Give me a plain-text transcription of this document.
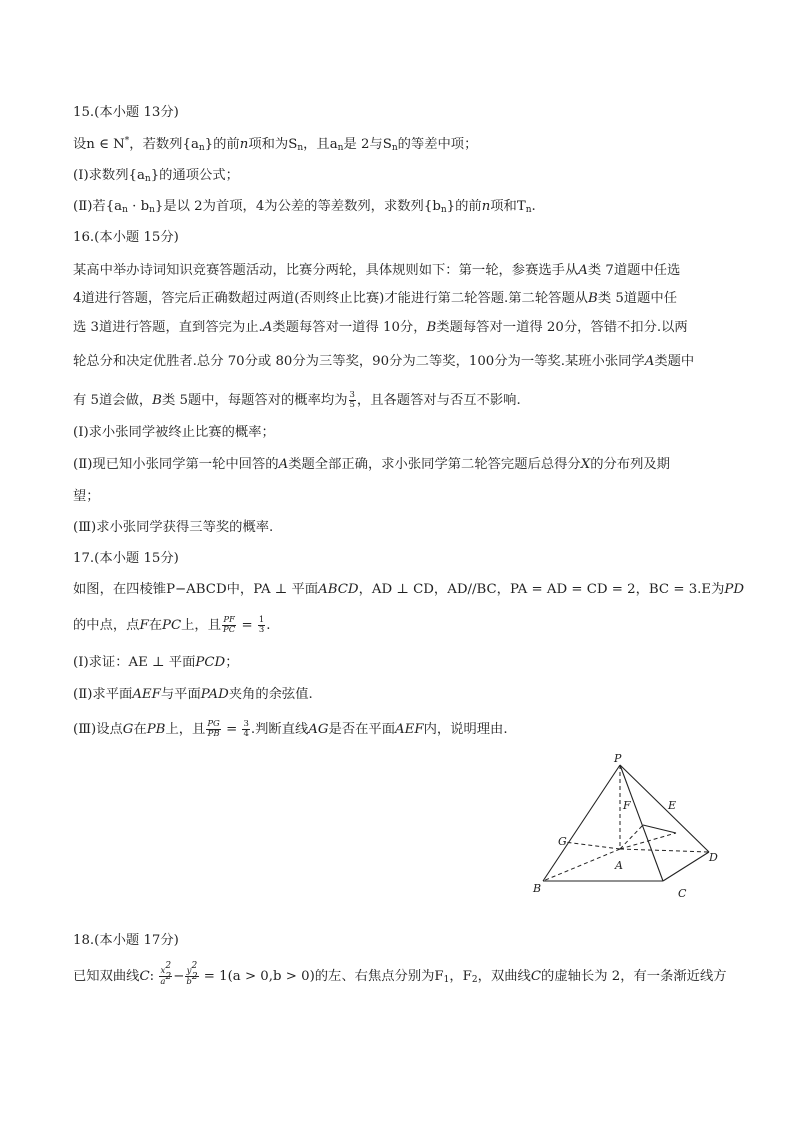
15.(本小题 13分)
设n ∈ N*，若数列$\{a_n\}$的前n项和为$S_n$，且$a_n$是 2与$S_n$的等差中项；
(Ⅰ)求数列$\{a_n\}$的通项公式；
(Ⅱ)若$\{a_n \cdot b_n\}$是以 2为首项，4为公差的等差数列，求数列$\{b_n\}$的前n项和$T_n$.
16.(本小题 15分)
某高中举办诗词知识竞赛答题活动，比赛分两轮，具体规则如下：第一轮，参赛选手从A类 7道题中任选
4道进行答题，答完后正确数超过两道(否则终止比赛)才能进行第二轮答题.第二轮答题从B类 5道题中任
选 3道进行答题，直到答完为止.A类题每答对一道得 10分，B类题每答对一道得 20分，答错不扣分.以两
轮总分和决定优胜者.总分 70分或 80分为三等奖，90分为二等奖，100分为一等奖.某班小张同学A类题中
有 5道会做，B类 5题中，每题答对的概率均为 $\frac{3}{5}$ ，且各题答对与否互不影响.
(Ⅰ)求小张同学被终止比赛的概率；
(Ⅱ)现已知小张同学第一轮中回答的A类题全部正确，求小张同学第二轮答完题后总得分X的分布列及期
望；
(Ⅲ)求小张同学获得三等奖的概率.
17.(本小题 15分)
如图，在四棱锥P−ABCD中，PA ⊥ 平面ABCD，AD ⊥ CD，AD//BC，PA = AD = CD = 2，BC = 3.E为PD
的中点，点F在PC上，且 $\frac{PF}{PC} = \frac{1}{3}$ .
(Ⅰ)求证：AE ⊥ 平面PCD；
(Ⅱ)求平面AEF与平面PAD夹角的余弦值.
(Ⅲ)设点G在PB上，且 $\frac{PG}{PB} = \frac{3}{4}$ .判断直线AG是否在平面AEF内，说明理由.
P
F	E
G
A
D
B	C
18.(本小题 17分)
已知双曲线C: $\frac{x^2}{a^2} - \frac{y^2}{b^2} = 1(a > 0,b > 0)$的左、右焦点分别为$F_1$，$F_2$，双曲线C的虚轴长为 2，有一条渐近线方
